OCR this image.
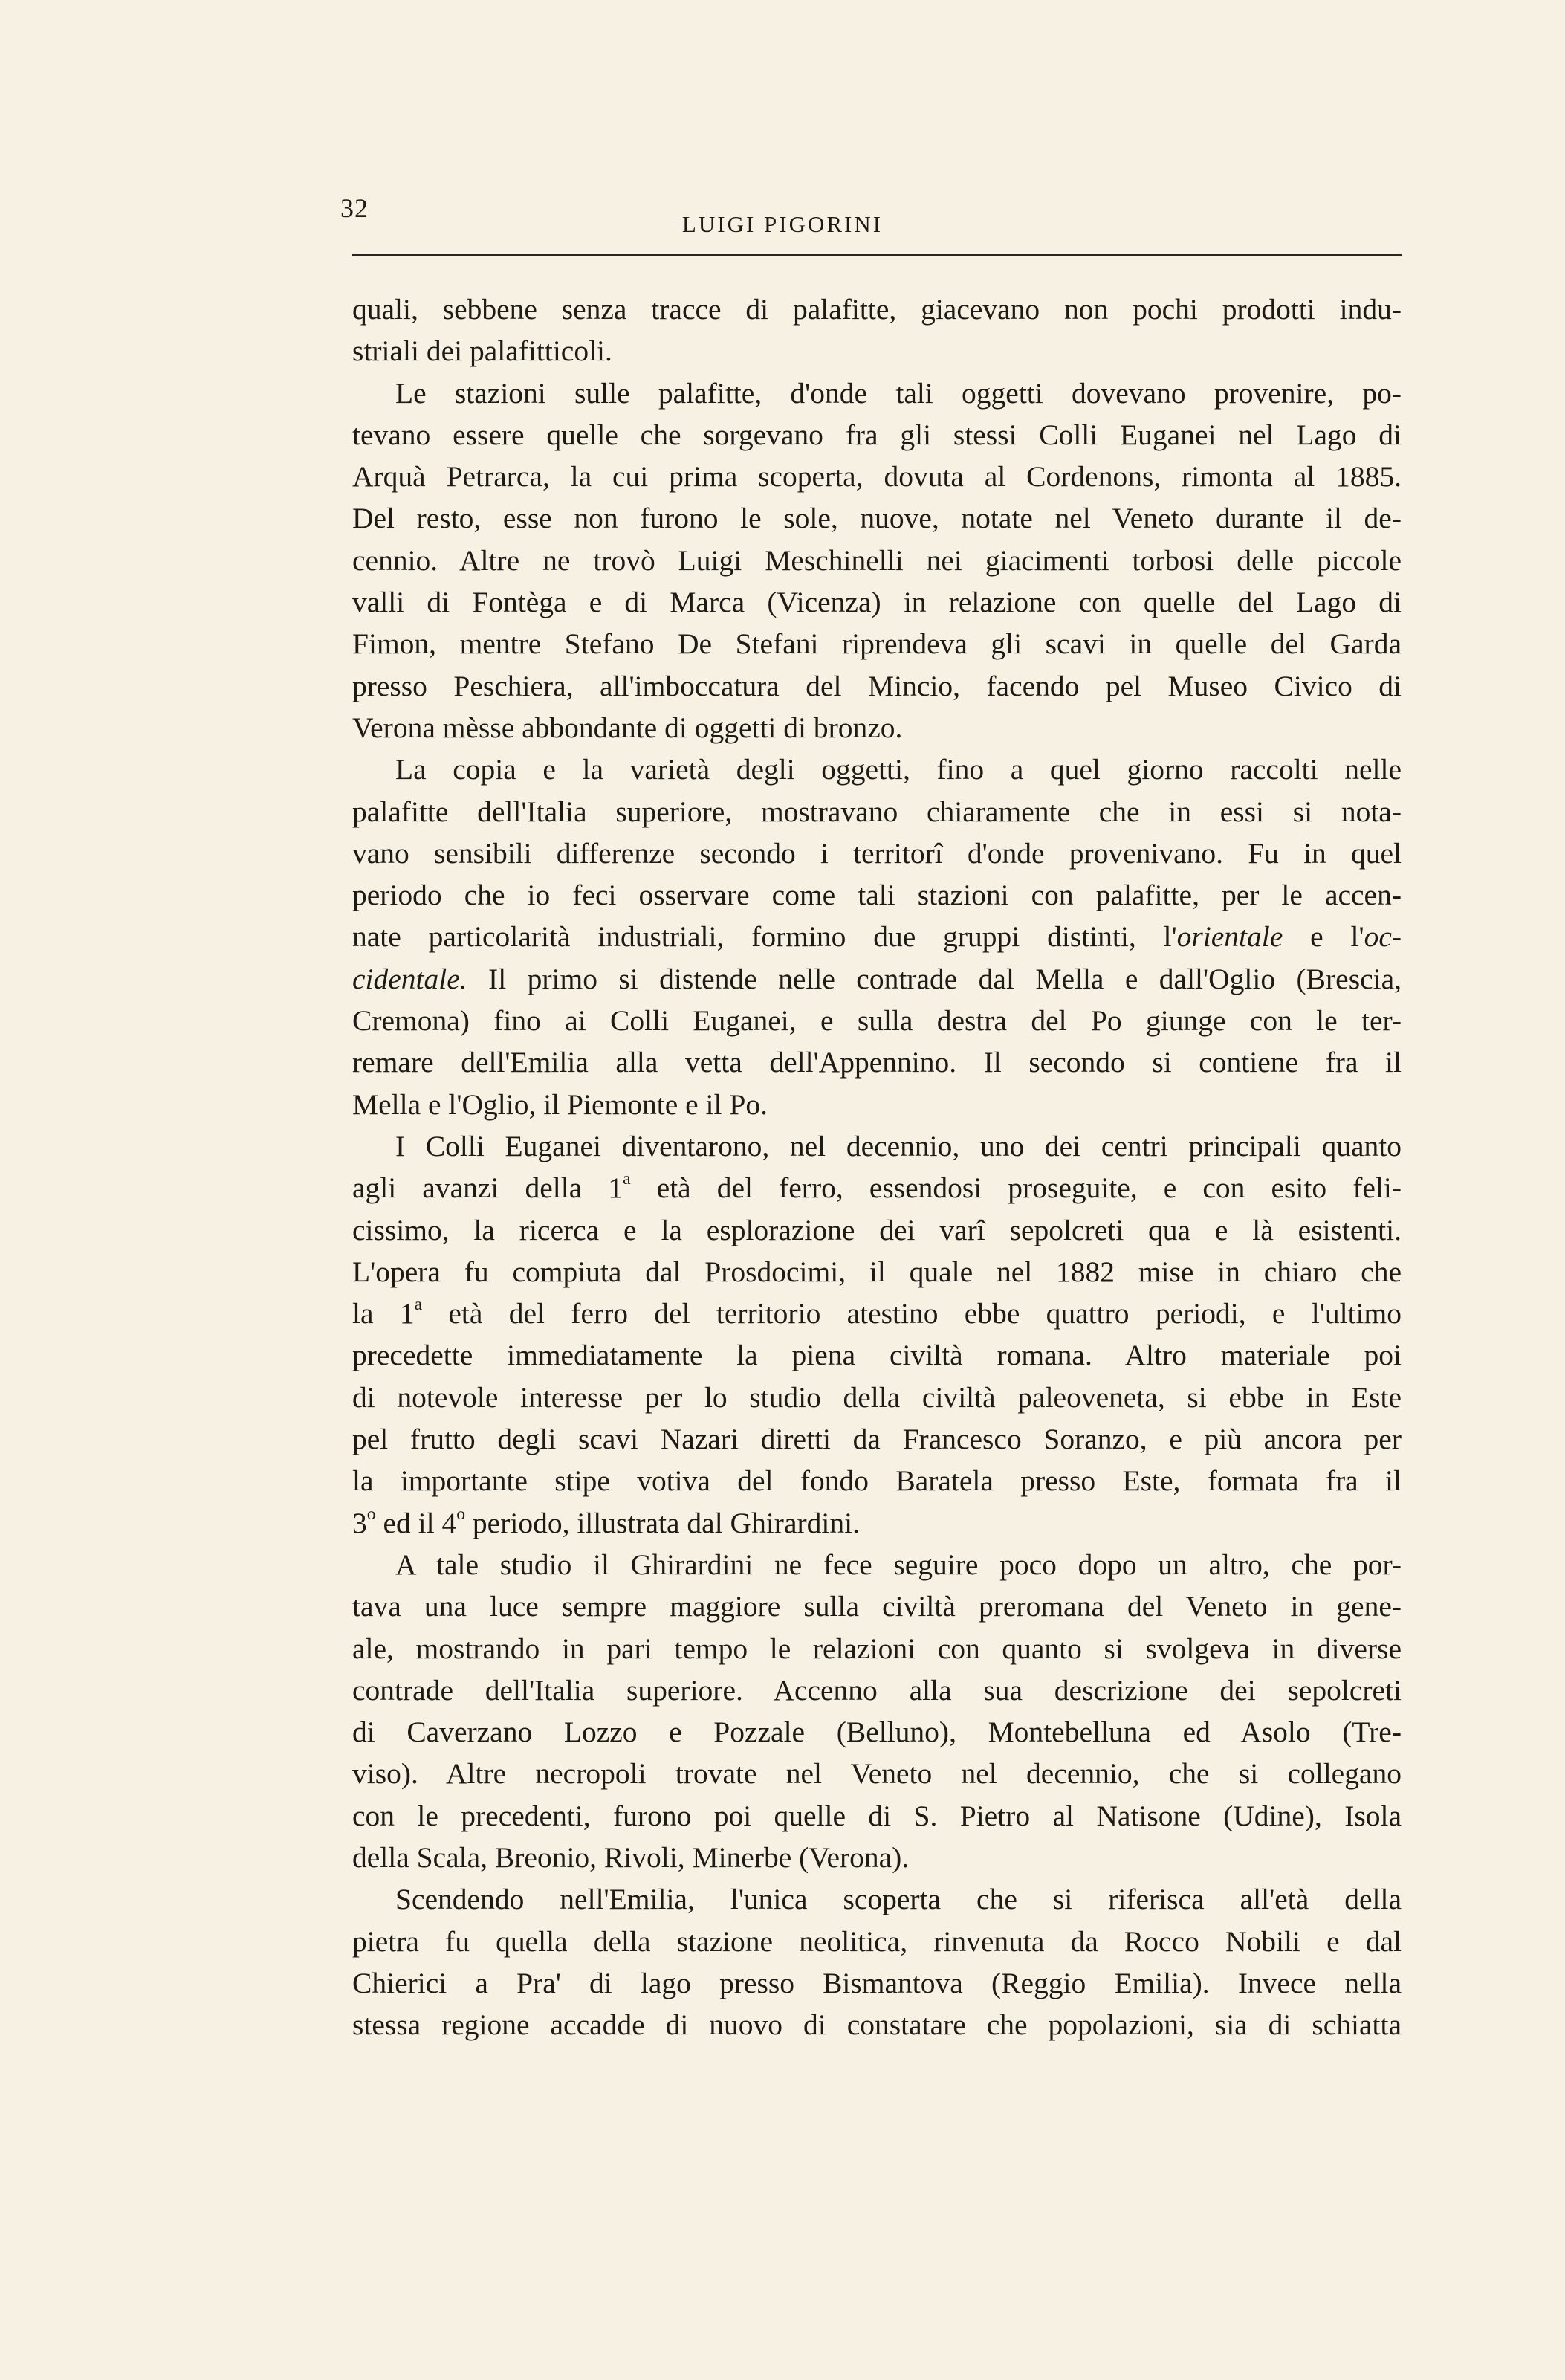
32
LUIGI PIGORINI
quali, sebbene senza tracce di palafitte, giacevano non pochi prodotti indu-
striali dei palafitticoli.
Le stazioni sulle palafitte, d'onde tali oggetti dovevano provenire, po-
tevano essere quelle che sorgevano fra gli stessi Colli Euganei nel Lago di
Arquà Petrarca, la cui prima scoperta, dovuta al Cordenons, rimonta al 1885.
Del resto, esse non furono le sole, nuove, notate nel Veneto durante il de-
cennio. Altre ne trovò Luigi Meschinelli nei giacimenti torbosi delle piccole
valli di Fontèga e di Marca (Vicenza) in relazione con quelle del Lago di
Fimon, mentre Stefano De Stefani riprendeva gli scavi in quelle del Garda
presso Peschiera, all'imboccatura del Mincio, facendo pel Museo Civico di
Verona mèsse abbondante di oggetti di bronzo.
La copia e la varietà degli oggetti, fino a quel giorno raccolti nelle
palafitte dell'Italia superiore, mostravano chiaramente che in essi si nota-
vano sensibili differenze secondo i territorî d'onde provenivano. Fu in quel
periodo che io feci osservare come tali stazioni con palafitte, per le accen-
nate particolarità industriali, formino due gruppi distinti, l'orientale e l'oc-
cidentale. Il primo si distende nelle contrade dal Mella e dall'Oglio (Brescia,
Cremona) fino ai Colli Euganei, e sulla destra del Po giunge con le ter-
remare dell'Emilia alla vetta dell'Appennino. Il secondo si contiene fra il
Mella e l'Oglio, il Piemonte e il Po.
I Colli Euganei diventarono, nel decennio, uno dei centri principali quanto
agli avanzi della 1$^a$ età del ferro, essendosi proseguite, e con esito feli-
cissimo, la ricerca e la esplorazione dei varî sepolcreti qua e là esistenti.
L'opera fu compiuta dal Prosdocimi, il quale nel 1882 mise in chiaro che
la 1$^a$ età del ferro del territorio atestino ebbe quattro periodi, e l'ultimo
precedette immediatamente la piena civiltà romana. Altro materiale poi
di notevole interesse per lo studio della civiltà paleoveneta, si ebbe in Este
pel frutto degli scavi Nazari diretti da Francesco Soranzo, e più ancora per
la importante stipe votiva del fondo Baratela presso Este, formata fra il
3$^o$ ed il 4$^o$ periodo, illustrata dal Ghirardini.
A tale studio il Ghirardini ne fece seguire poco dopo un altro, che por-
tava una luce sempre maggiore sulla civiltà preromana del Veneto in gene-
ale, mostrando in pari tempo le relazioni con quanto si svolgeva in diverse
contrade dell'Italia superiore. Accenno alla sua descrizione dei sepolcreti
di Caverzano Lozzo e Pozzale (Belluno), Montebelluna ed Asolo (Tre-
viso). Altre necropoli trovate nel Veneto nel decennio, che si collegano
con le precedenti, furono poi quelle di S. Pietro al Natisone (Udine), Isola
della Scala, Breonio, Rivoli, Minerbe (Verona).
Scendendo nell'Emilia, l'unica scoperta che si riferisca all'età della
pietra fu quella della stazione neolitica, rinvenuta da Rocco Nobili e dal
Chierici a Pra' di lago presso Bismantova (Reggio Emilia). Invece nella
stessa regione accadde di nuovo di constatare che popolazioni, sia di schiatta
